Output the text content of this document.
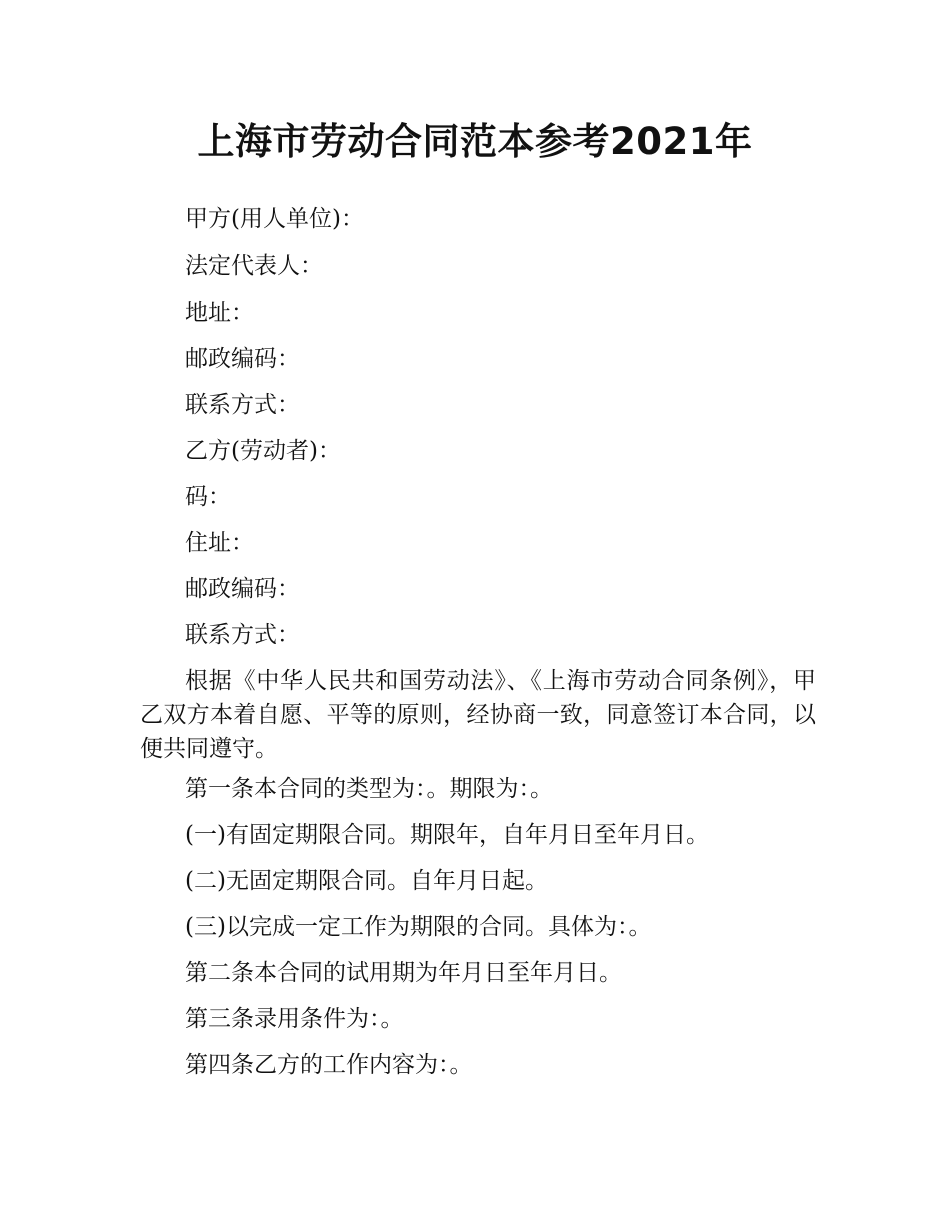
上海市劳动合同范本参考2021年

甲方(用人单位)：

法定代表人：

地址：

邮政编码：

联系方式：

乙方(劳动者)：

码：

住址：

邮政编码：

联系方式：

根据《中华人民共和国劳动法》、《上海市劳动合同条例》，甲乙双方本着自愿、平等的原则，经协商一致，同意签订本合同，以便共同遵守。

第一条本合同的类型为：。期限为：。

(一)有固定期限合同。期限年，自年月日至年月日。

(二)无固定期限合同。自年月日起。

(三)以完成一定工作为期限的合同。具体为：。

第二条本合同的试用期为年月日至年月日。

第三条录用条件为：。

第四条乙方的工作内容为：。
